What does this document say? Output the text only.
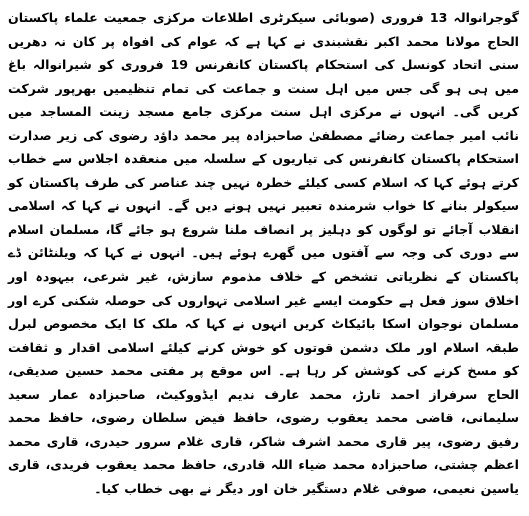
گوجرانوالہ 13 فروری (صوبائی سیکرٹری اطلاعات مرکزی جمعیت علماء پاکستان الحاج مولانا محمد اکبر نقشبندی نے کہا ہے کہ عوام کی افواہ پر کان نہ دھریں سنی اتحاد کونسل کی استحکام پاکستان کانفرنس 19 فروری کو شیرانوالہ باغ میں ہی ہو گی جس میں اہل سنت و جماعت کی تمام تنظیمیں بھرپور شرکت کریں گی۔ انہوں نے مرکزی اہل سنت مرکزی جامع مسجد زینت المساجد میں نائب امیر جماعت رضائے مصطفیٰ صاحبزادہ پیر محمد داؤد رضوی کی زیر صدارت استحکام پاکستان کانفرنس کی تیاریوں کے سلسلہ میں منعقدہ اجلاس سے خطاب کرتے ہوئے کہا کہ اسلام کسی کیلئے خطرہ نہیں چند عناصر کی طرف پاکستان کو سیکولر بنانے کا خواب شرمندہ تعبیر نہیں ہونے دیں گے۔ انہوں نے کہا کہ اسلامی انقلاب آجائے تو لوگوں کو دہلیز پر انصاف ملنا شروع ہو جائے گا، مسلمان اسلام سے دوری کی وجہ سے آفتوں میں گھرے ہوئے ہیں۔ انہوں نے کہا کہ ویلنٹائن ڈے پاکستان کے نظریاتی تشخص کے خلاف مذموم سازش، غیر شرعی، بیہودہ اور اخلاق سوز فعل ہے حکومت ایسے غیر اسلامی تہواروں کی حوصلہ شکنی کرے اور مسلمان نوجوان اسکا بائیکاٹ کریں انہوں نے کہا کہ ملک کا ایک مخصوص لبرل طبقہ اسلام اور ملک دشمن قوتوں کو خوش کرنے کیلئے اسلامی اقدار و ثقافت کو مسخ کرنے کی کوشش کر رہا ہے۔ اس موقع پر مفتی محمد حسین صدیقی، الحاج سرفراز احمد تارڑ، محمد عارف ندیم ایڈووکیٹ، صاحبزادہ عمار سعید سلیمانی، قاضی محمد یعقوب رضوی، حافظ فیض سلطان رضوی، حافظ محمد رفیق رضوی، پیر قاری محمد اشرف شاکر، قاری غلام سرور حیدری، قاری محمد اعظم چشتی، صاحبزادہ محمد ضیاء اللہ قادری، حافظ محمد یعقوب فریدی، قاری یاسین نعیمی، صوفی غلام دستگیر خان اور دیگر نے بھی خطاب کیا۔
